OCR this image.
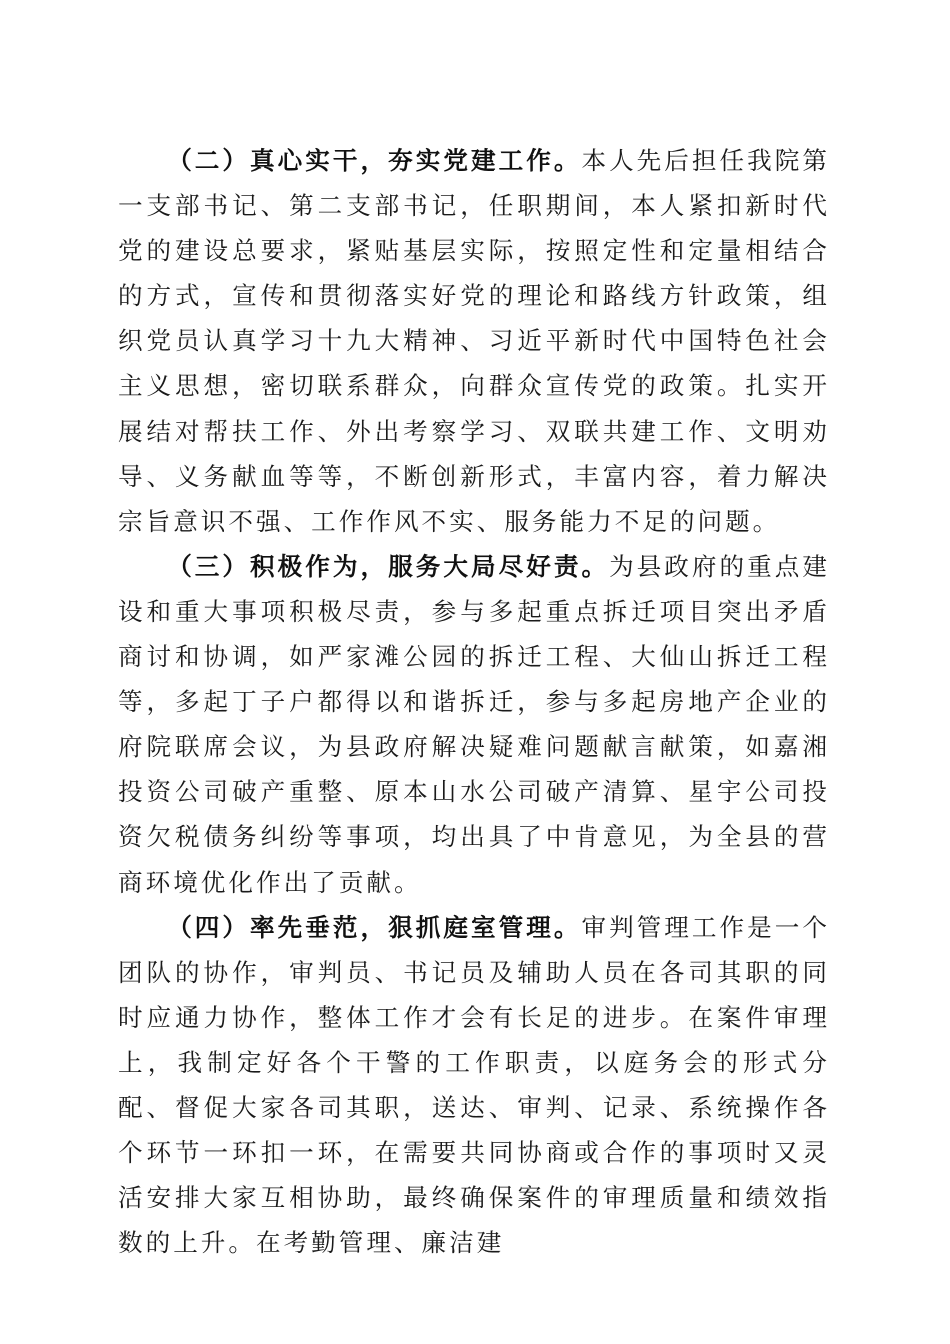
（二）真心实干，夯实党建工作。本人先后担任我院第一支部书记、第二支部书记，任职期间，本人紧扣新时代党的建设总要求，紧贴基层实际，按照定性和定量相结合的方式，宣传和贯彻落实好党的理论和路线方针政策，组织党员认真学习十九大精神、习近平新时代中国特色社会主义思想，密切联系群众，向群众宣传党的政策。扎实开展结对帮扶工作、外出考察学习、双联共建工作、文明劝导、义务献血等等，不断创新形式，丰富内容，着力解决宗旨意识不强、工作作风不实、服务能力不足的问题。

（三）积极作为，服务大局尽好责。为县政府的重点建设和重大事项积极尽责，参与多起重点拆迁项目突出矛盾商讨和协调，如严家滩公园的拆迁工程、大仙山拆迁工程等，多起丁子户都得以和谐拆迁，参与多起房地产企业的府院联席会议，为县政府解决疑难问题献言献策，如嘉湘投资公司破产重整、原本山水公司破产清算、星宇公司投资欠税债务纠纷等事项，均出具了中肯意见，为全县的营商环境优化作出了贡献。

（四）率先垂范，狠抓庭室管理。审判管理工作是一个团队的协作，审判员、书记员及辅助人员在各司其职的同时应通力协作，整体工作才会有长足的进步。在案件审理上，我制定好各个干警的工作职责，以庭务会的形式分配、督促大家各司其职，送达、审判、记录、系统操作各个环节一环扣一环，在需要共同协商或合作的事项时又灵活安排大家互相协助，最终确保案件的审理质量和绩效指数的上升。在考勤管理、廉洁建
